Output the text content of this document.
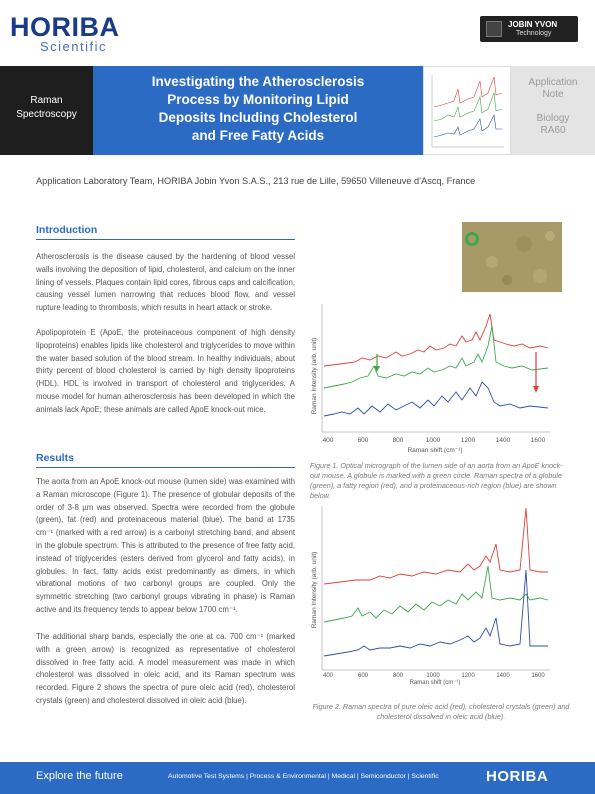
HORIBA
Scientific
JOBIN YVON
Technology
Raman
Spectroscopy
Investigating the Atherosclerosis
Process by Monitoring Lipid
Deposits Including Cholesterol
and Free Fatty Acids
Application
Note
Biology
RA60
Application Laboratory Team, HORIBA Jobin Yvon S.A.S., 213 rue de Lille, 59650 Villeneuve d’Ascq, France
Introduction
Atherosclerosis is the disease caused by the hardening of blood vessel walls involving the deposition of lipid, cholesterol, and calcium on the inner lining of vessels. Plaques contain lipid cores, fibrous caps and calcification, causing vessel lumen narrowing that reduces blood flow, and vessel rupture leading to thrombosis, which results in heart attack or stroke.
Apolipoprotein E (ApoE, the proteinaceous component of high density lipoproteins) enables lipids like cholesterol and triglycerides to move within the water based solution of the blood stream. In healthy individuals, about thirty percent of blood cholesterol is carried by high density lipoproteins (HDL). HDL is involved in transport of cholesterol and triglycerides. A mouse model for human atherosclerosis has been developed in which the animals lack ApoE; these animals are called ApoE knock-out mice.
Results
The aorta from an ApoE knock-out mouse (lumen side) was examined with a Raman microscope (Figure 1). The presence of globular deposits of the order of 3-8 µm was observed. Spectra were recorded from the globule (green), fat (red) and proteinaceous material (blue). The band at 1735 cm⁻¹ (marked with a red arrow) is a carbonyl stretching band, and absent in the globule spectrum. This is attributed to the presence of free fatty acid, instead of triglycerides (esters derived from glycerol and fatty acids), in globules. In fact, fatty acids exist predominantly as dimers, in which vibrational motions of two carbonyl groups are coupled. Only the symmetric stretching (two carbonyl groups vibrating in phase) is Raman active and its frequency tends to appear below 1700 cm⁻¹.
The additional sharp bands, especially the one at ca. 700 cm⁻¹ (marked with a green arrow) is recognized as representative of cholesterol dissolved in free fatty acid. A model measurement was made in which cholesterol was dissolved in oleic acid, and its Raman spectrum was recorded. Figure 2 shows the spectra of pure oleic acid (red), cholesterol crystals (green) and cholesterol dissolved in oleic acid (blue).
Raman Intensity (arb. unit)
400	600	800	1000	1200	1400	1600
Raman shift (cm⁻¹)
Figure 1. Optical micrograph of the lumen side of an aorta from an ApoE knock-out mouse. A globule is marked with a green circle. Raman spectra of a globule (green), a fatty region (red), and a proteinaceous-rich region (blue) are shown below.
Raman Intensity (arb. unit)
400	600	800	1000	1200	1400	1600
Raman shift (cm⁻¹)
Figure 2. Raman spectra of pure oleic acid (red), cholesterol crystals (green) and cholesterol dissolved in oleic acid (blue).
Explore the future	Automotive Test Systems | Process & Environmental | Medical | Semiconductor | Scientific	HORIBA
